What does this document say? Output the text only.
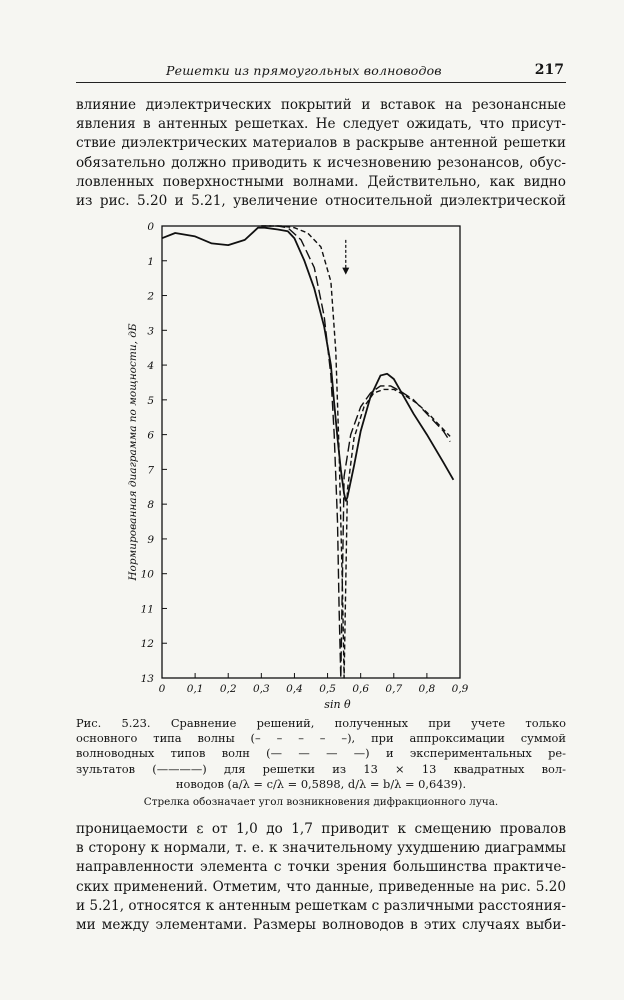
Решетки из прямоугольных волноводов	217
влияние диэлектрических покрытий и вставок на резонансные
явления в антенных решетках. Не следует ожидать, что присут-
ствие диэлектрических материалов в раскрыве антенной решетки
обязательно должно приводить к исчезновению резонансов, обус-
ловленных поверхностными волнами. Действительно, как видно
из рис. 5.20 и 5.21, увеличение относительной диэлектрической
0 0,1 0,2 0,3 0,4 0,5 0,6 0,7 0,8 0,9
0
1
2
3
4
5
6
7
8
9
10
11
12
13
sin θ
Нормированная диаграмма по мощности, дБ
Рис. 5.23. Сравнение решений, полученных при учете только
основного типа волны (– – – – –), при аппроксимации суммой
волноводных типов волн (— — — —) и экспериментальных ре-
зультатов (————) для решетки из 13 × 13 квадратных вол-
новодов (a/λ = c/λ = 0,5898, d/λ = b/λ = 0,6439).
Стрелка обозначает угол возникновения дифракционного луча.
проницаемости ε от 1,0 до 1,7 приводит к смещению провалов
в сторону к нормали, т. е. к значительному ухудшению диаграммы
направленности элемента с точки зрения большинства практиче-
ских применений. Отметим, что данные, приведенные на рис. 5.20
и 5.21, относятся к антенным решеткам с различными расстояния-
ми между элементами. Размеры волноводов в этих случаях выби-
